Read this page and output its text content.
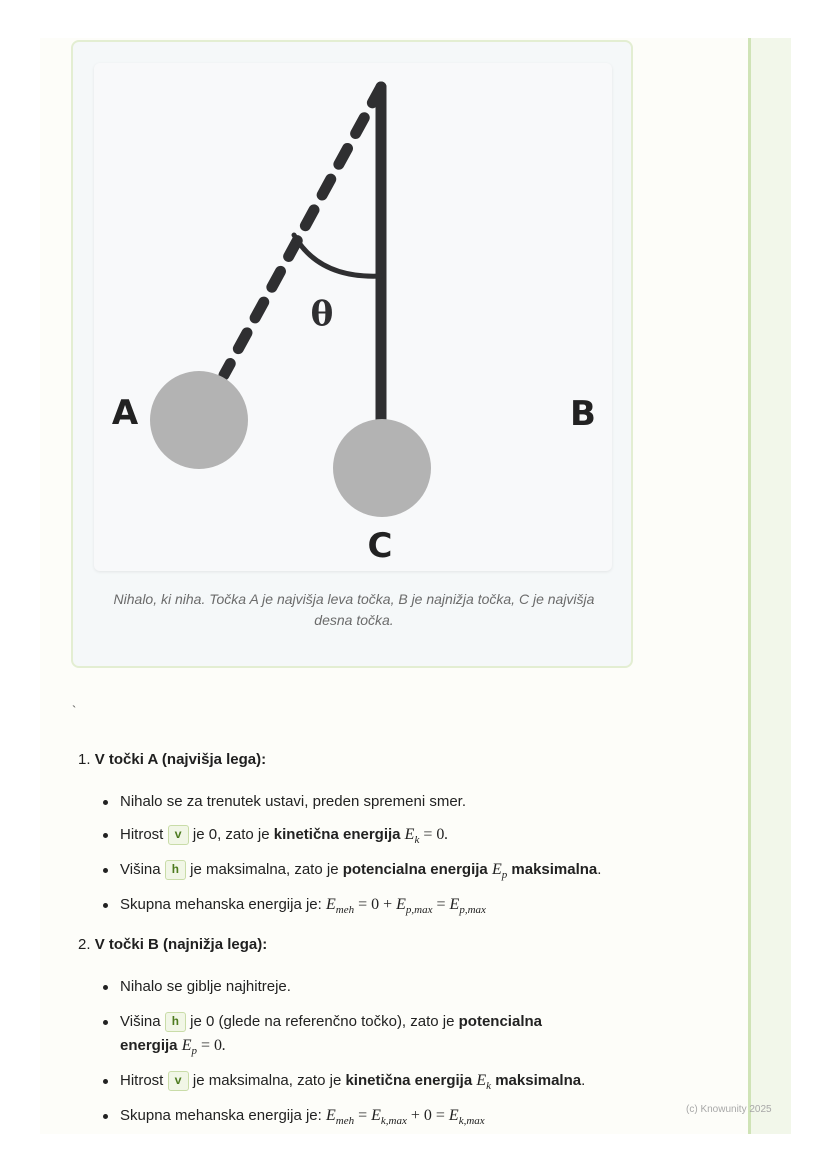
θ
A	B
C
Nihalo, ki niha. Točka A je najvišja leva točka, B je najnižja točka, C je najvišja desna točka.
`
1. V točki A (najvišja lega):
Nihalo se za trenutek ustavi, preden spremeni smer.
Hitrost v je 0, zato je kinetična energija $E_k = 0$.
Višina h je maksimalna, zato je potencialna energija $E_p$ maksimalna.
Skupna mehanska energija je: $E_{meh} = 0 + E_{p,max} = E_{p,max}$
2. V točki B (najnižja lega):
Nihalo se giblje najhitreje.
Višina h je 0 (glede na referenčno točko), zato je potencialna energija $E_p = 0$.
Hitrost v je maksimalna, zato je kinetična energija $E_k$ maksimalna.
Skupna mehanska energija je: $E_{meh} = E_{k,max} + 0 = E_{k,max}$
(c) Knowunity 2025
